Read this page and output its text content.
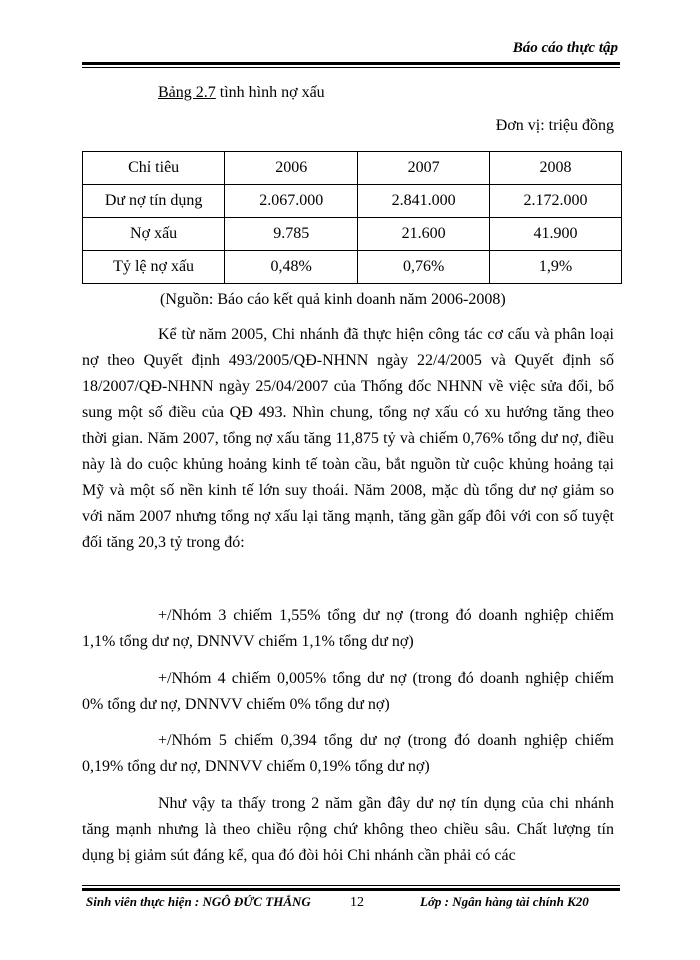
Báo cáo thực tập
Bảng 2.7 tình hình nợ xấu
Đơn vị: triệu đồng
Chỉ tiêu	2006	2007	2008
Dư nợ tín dụng	2.067.000	2.841.000	2.172.000
Nợ xấu	9.785	21.600	41.900
Tỷ lệ nợ xấu	0,48%	0,76%	1,9%
(Nguồn: Báo cáo kết quả kinh doanh năm 2006-2008)

Kể từ năm 2005, Chi nhánh đã thực hiện công tác cơ cấu và phân loại nợ theo Quyết định 493/2005/QĐ-NHNN ngày 22/4/2005 và Quyết định số 18/2007/QĐ-NHNN ngày 25/04/2007 của Thống đốc NHNN về việc sửa đổi, bổ sung một số điều của QĐ 493. Nhìn chung, tổng nợ xấu có xu hướng tăng theo thời gian. Năm 2007, tổng nợ xấu tăng 11,875 tỷ và chiếm 0,76% tổng dư nợ, điều này là do cuộc khủng hoảng kinh tế toàn cầu, bắt nguồn từ cuộc khủng hoảng tại Mỹ và một số nền kinh tế lớn suy thoái. Năm 2008, mặc dù tổng dư nợ giảm so với năm 2007 nhưng tổng nợ xấu lại tăng mạnh, tăng gần gấp đôi với con số tuyệt đối tăng 20,3 tỷ trong đó:

+/Nhóm 3 chiếm 1,55% tổng dư nợ (trong đó doanh nghiệp chiếm 1,1% tổng dư nợ, DNNVV chiếm 1,1% tổng dư nợ)

+/Nhóm 4 chiếm 0,005% tổng dư nợ (trong đó doanh nghiệp chiếm 0% tổng dư nợ, DNNVV chiếm 0% tổng dư nợ)

+/Nhóm 5 chiếm 0,394 tổng dư nợ (trong đó doanh nghiệp chiếm 0,19% tổng dư nợ, DNNVV chiếm 0,19% tổng dư nợ)

Như vậy ta thấy trong 2 năm gần đây dư nợ tín dụng của chi nhánh tăng mạnh nhưng là theo chiều rộng chứ không theo chiều sâu. Chất lượng tín dụng bị giảm sút đáng kể, qua đó đòi hỏi Chi nhánh cần phải có các

Sinh viên thực hiện : NGÔ ĐỨC THẮNG	12	Lớp : Ngân hàng tài chính K20
